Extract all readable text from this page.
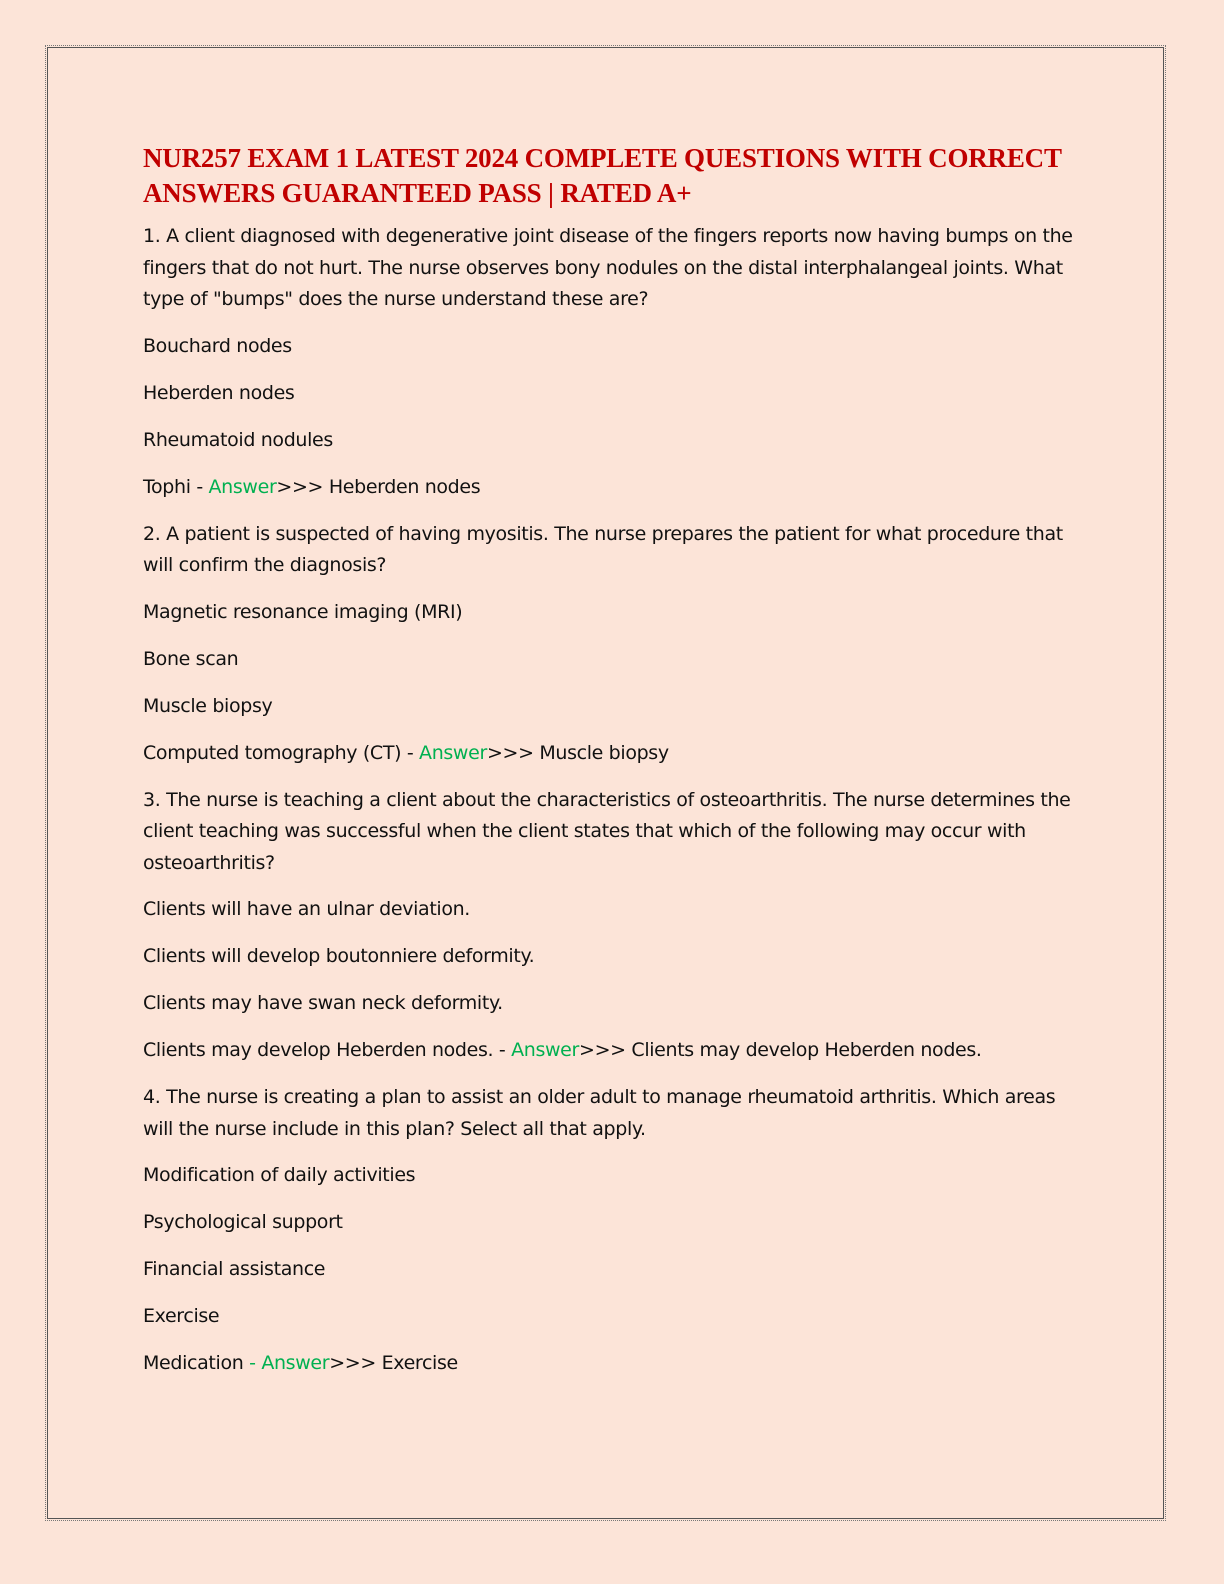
NUR257 EXAM 1 LATEST 2024 COMPLETE QUESTIONS WITH CORRECT ANSWERS GUARANTEED PASS | RATED A+

1. A client diagnosed with degenerative joint disease of the fingers reports now having bumps on the fingers that do not hurt. The nurse observes bony nodules on the distal interphalangeal joints. What type of "bumps" does the nurse understand these are?

Bouchard nodes

Heberden nodes

Rheumatoid nodules

Tophi - Answer>>> Heberden nodes

2. A patient is suspected of having myositis. The nurse prepares the patient for what procedure that will confirm the diagnosis?

Magnetic resonance imaging (MRI)

Bone scan

Muscle biopsy

Computed tomography (CT) - Answer>>> Muscle biopsy

3. The nurse is teaching a client about the characteristics of osteoarthritis. The nurse determines the client teaching was successful when the client states that which of the following may occur with osteoarthritis?

Clients will have an ulnar deviation.

Clients will develop boutonniere deformity.

Clients may have swan neck deformity.

Clients may develop Heberden nodes. - Answer>>> Clients may develop Heberden nodes.

4. The nurse is creating a plan to assist an older adult to manage rheumatoid arthritis. Which areas will the nurse include in this plan? Select all that apply.

Modification of daily activities

Psychological support

Financial assistance

Exercise

Medication - Answer>>> Exercise
